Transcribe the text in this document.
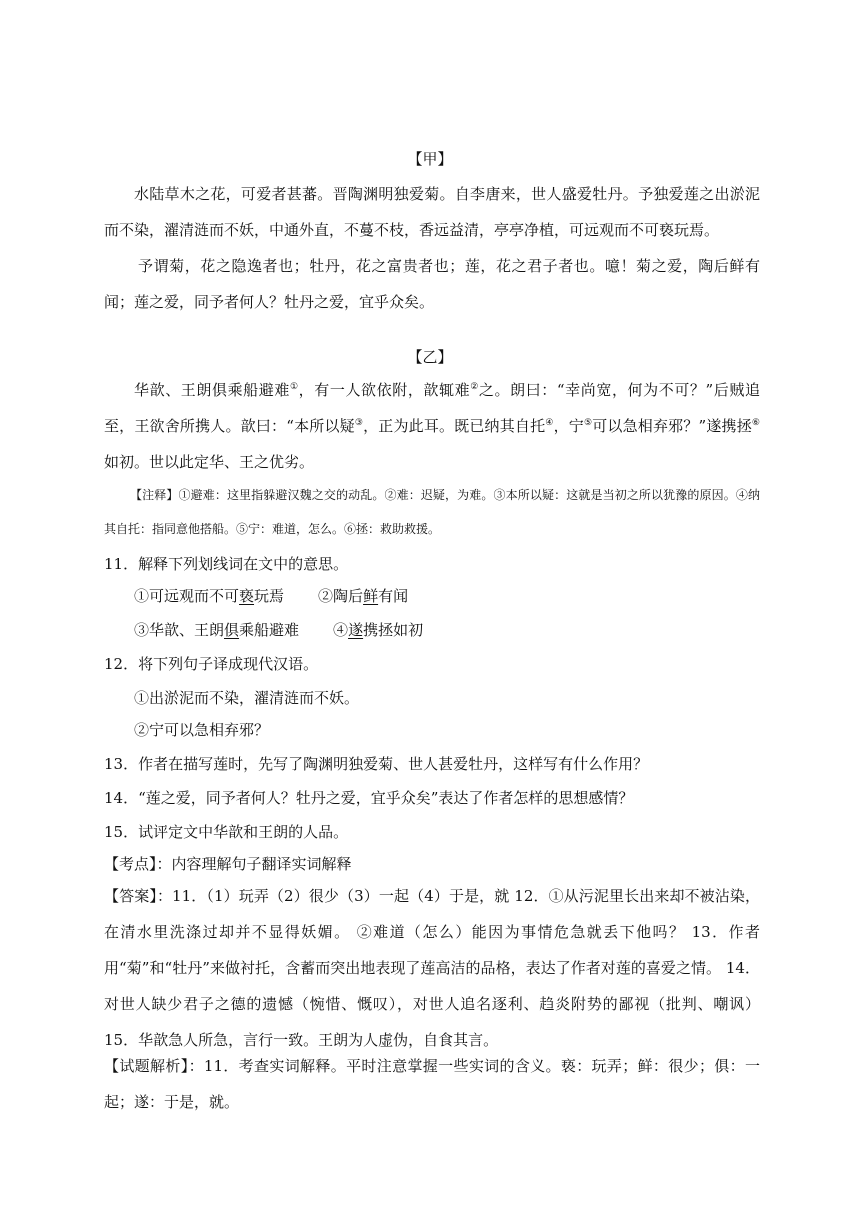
【甲】
水陆草木之花，可爱者甚蕃。晋陶渊明独爱菊。自李唐来，世人盛爱牡丹。予独爱莲之出淤泥而不染，濯清涟而不妖，中通外直，不蔓不枝，香远益清，亭亭净植，可远观而不可亵玩焉。
予谓菊，花之隐逸者也；牡丹，花之富贵者也；莲，花之君子者也。噫！菊之爱，陶后鲜有闻；莲之爱，同予者何人？牡丹之爱，宜乎众矣。
【乙】
华歆、王朗俱乘船避难①，有一人欲依附，歆辄难②之。朗曰：“幸尚宽，何为不可？”后贼追至，王欲舍所携人。歆曰：“本所以疑③，正为此耳。既已纳其自托④，宁⑤可以急相弃邪？”遂携拯⑥如初。世以此定华、王之优劣。
【注释】①避难：这里指躲避汉魏之交的动乱。②难：迟疑，为难。③本所以疑：这就是当初之所以犹豫的原因。④纳其自托：指同意他搭船。⑤宁：难道，怎么。⑥拯：救助救援。
11．解释下列划线词在文中的意思。
①可远观而不可亵玩焉 ②陶后鲜有闻
③华歆、王朗俱乘船避难 ④遂携拯如初
12．将下列句子译成现代汉语。
①出淤泥而不染，濯清涟而不妖。
②宁可以急相弃邪？
13．作者在描写莲时，先写了陶渊明独爱菊、世人甚爱牡丹，这样写有什么作用？
14．“莲之爱，同予者何人？牡丹之爱，宜乎众矣”表达了作者怎样的思想感情？
15．试评定文中华歆和王朗的人品。
【考点】：内容理解句子翻译实词解释
【答案】：11．（1）玩弄（2）很少（3）一起（4）于是，就 12．①从污泥里长出来却不被沾染，在清水里洗涤过却并不显得妖媚。 ②难道（怎么）能因为事情危急就丢下他吗？ 13．作者用“菊”和“牡丹”来做衬托，含蓄而突出地表现了莲高洁的品格，表达了作者对莲的喜爱之情。 14．对世人缺少君子之德的遗憾（惋惜、慨叹），对世人追名逐利、趋炎附势的鄙视（批判、嘲讽） 15．华歆急人所急，言行一致。王朗为人虚伪，自食其言。
【试题解析】：11．考查实词解释。平时注意掌握一些实词的含义。亵：玩弄；鲜：很少；俱：一起；遂：于是，就。
